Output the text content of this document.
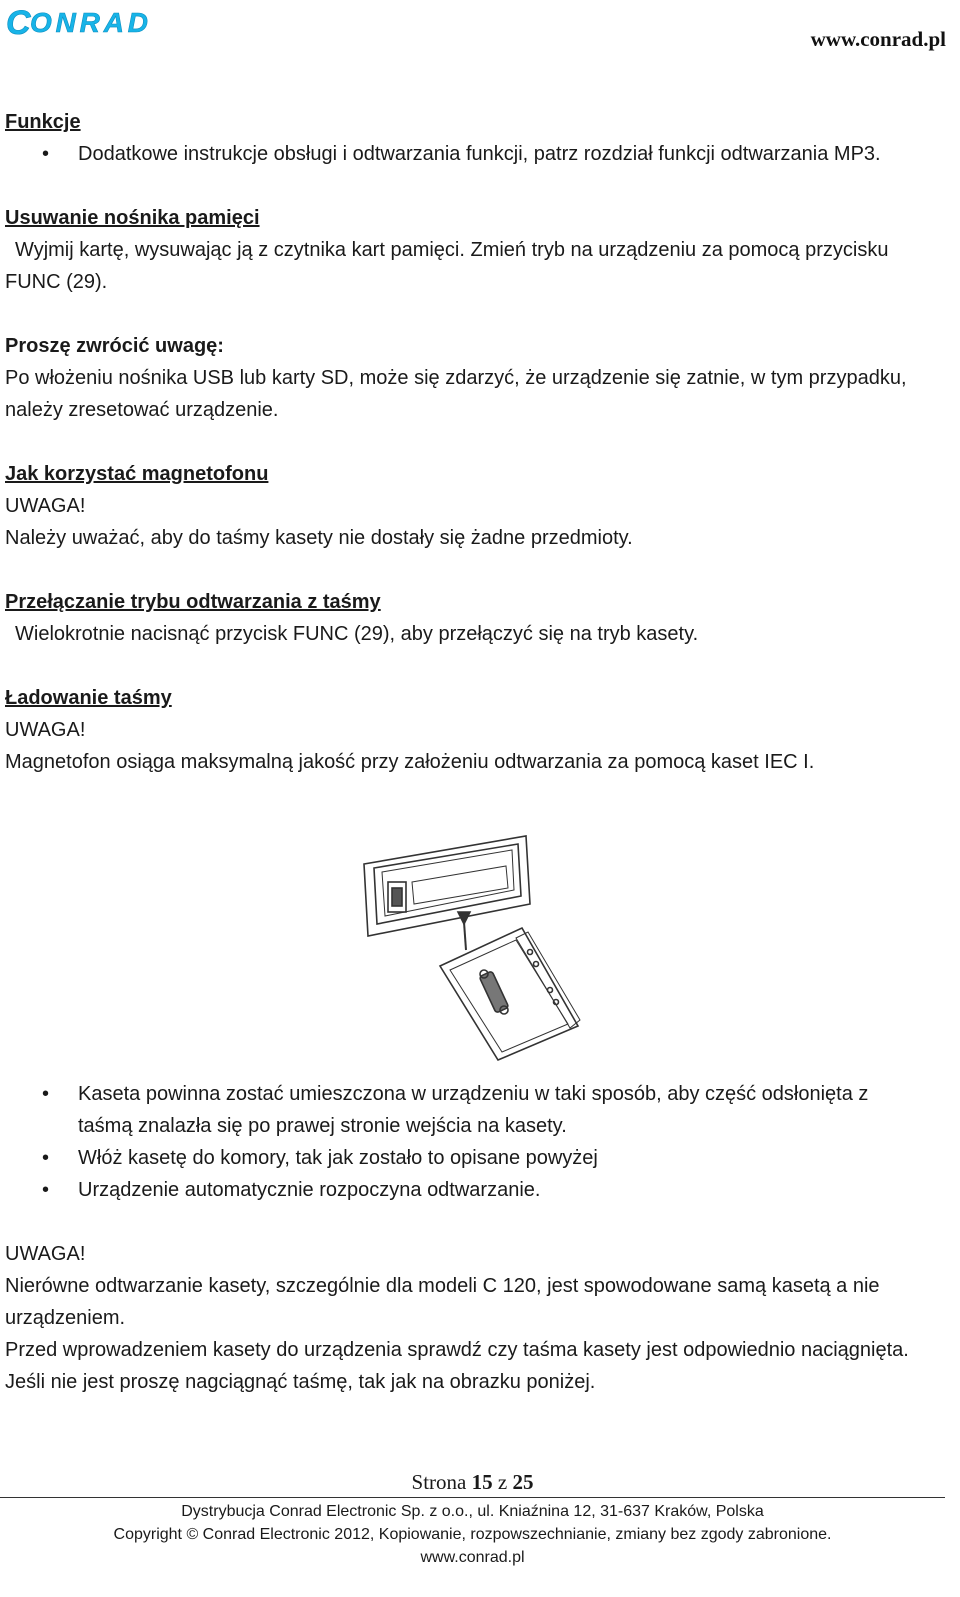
C ONRAD
www.conrad.pl
Funkcje
• Dodatkowe instrukcje obsługi i odtwarzania funkcji, patrz rozdział funkcji odtwarzania MP3.
Usuwanie nośnika pamięci
Wyjmij kartę, wysuwając ją z czytnika kart pamięci. Zmień tryb na urządzeniu za pomocą przycisku
FUNC (29).
Proszę zwrócić uwagę:
Po włożeniu nośnika USB lub karty SD, może się zdarzyć, że urządzenie się zatnie, w tym przypadku,
należy zresetować urządzenie.
Jak korzystać magnetofonu
UWAGA!
Należy uważać, aby do taśmy kasety nie dostały się żadne przedmioty.
Przełączanie trybu odtwarzania z taśmy
Wielokrotnie nacisnąć przycisk FUNC (29), aby przełączyć się na tryb kasety.
Ładowanie taśmy
UWAGA!
Magnetofon osiąga maksymalną jakość przy założeniu odtwarzania za pomocą kaset IEC I.
• Kaseta powinna zostać umieszczona w urządzeniu w taki sposób, aby część odsłonięta z
taśmą znalazła się po prawej stronie wejścia na kasety.
• Włóż kasetę do komory, tak jak zostało to opisane powyżej
• Urządzenie automatycznie rozpoczyna odtwarzanie.
UWAGA!
Nierówne odtwarzanie kasety, szczególnie dla modeli C 120, jest spowodowane samą kasetą a nie
urządzeniem.
Przed wprowadzeniem kasety do urządzenia sprawdź czy taśma kasety jest odpowiednio naciągnięta.
Jeśli nie jest proszę nagciągnąć taśmę, tak jak na obrazku poniżej.
Strona 15 z 25
Dystrybucja Conrad Electronic Sp. z o.o., ul. Kniaźnina 12, 31-637 Kraków, Polska
Copyright © Conrad Electronic 2012, Kopiowanie, rozpowszechnianie, zmiany bez zgody zabronione.
www.conrad.pl
